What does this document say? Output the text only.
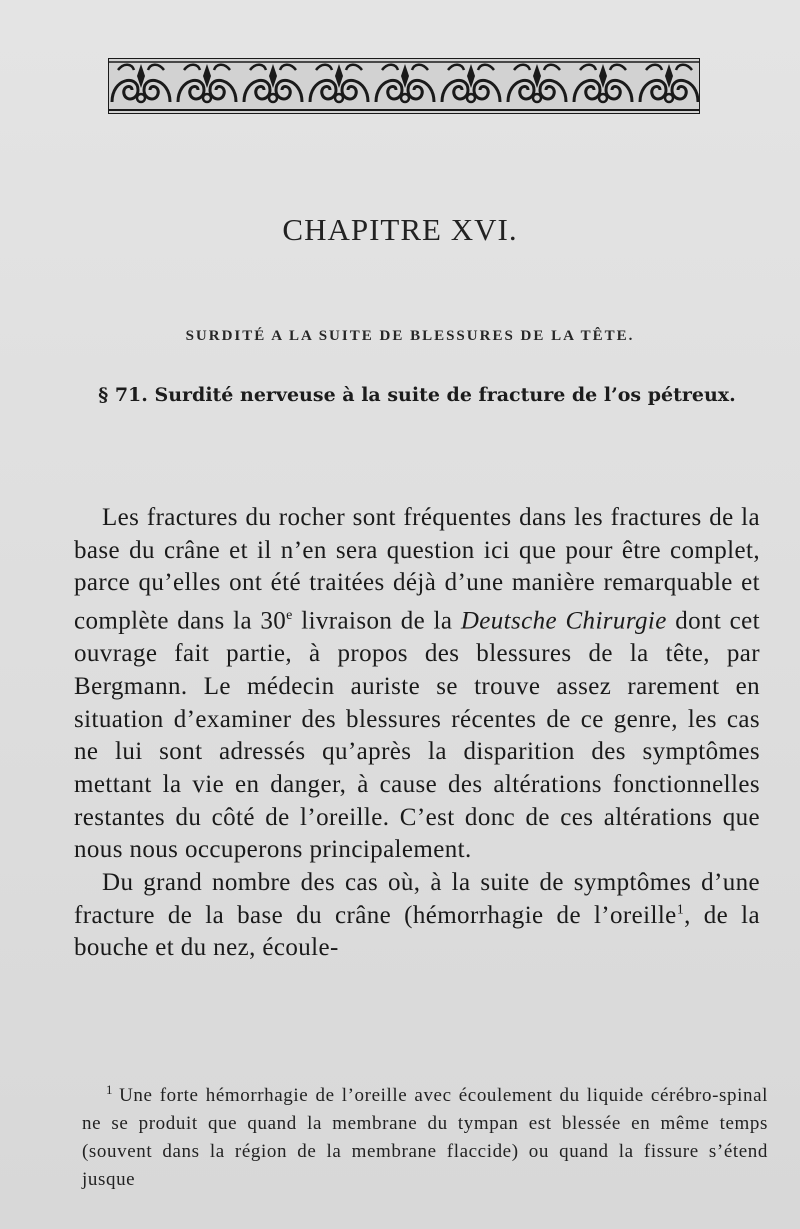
CHAPITRE XVI.
SURDITÉ A LA SUITE DE BLESSURES DE LA TÊTE.
§ 71. Surdité nerveuse à la suite de fracture de l’os pétreux.

Les fractures du rocher sont fréquentes dans les fractures de la base du crâne et il n’en sera question ici que pour être complet, parce qu’elles ont été traitées déjà d’une manière remarquable et complète dans la 30e livraison de la Deutsche Chirurgie dont cet ouvrage fait partie, à propos des blessures de la tête, par Bergmann. Le médecin auriste se trouve assez rarement en situation d’examiner des blessures récentes de ce genre, les cas ne lui sont adressés qu’après la disparition des symptômes mettant la vie en danger, à cause des altérations fonctionnelles restantes du côté de l’oreille. C’est donc de ces altérations que nous nous occuperons principalement.

Du grand nombre des cas où, à la suite de symptômes d’une fracture de la base du crâne (hémorrhagie de l’oreille$^1$, de la bouche et du nez, écoule-

$^1$ Une forte hémorrhagie de l’oreille avec écoulement du liquide cérébro-spinal ne se produit que quand la membrane du tympan est blessée en même temps (souvent dans la région de la membrane flaccide) ou quand la fissure s’étend jusque
